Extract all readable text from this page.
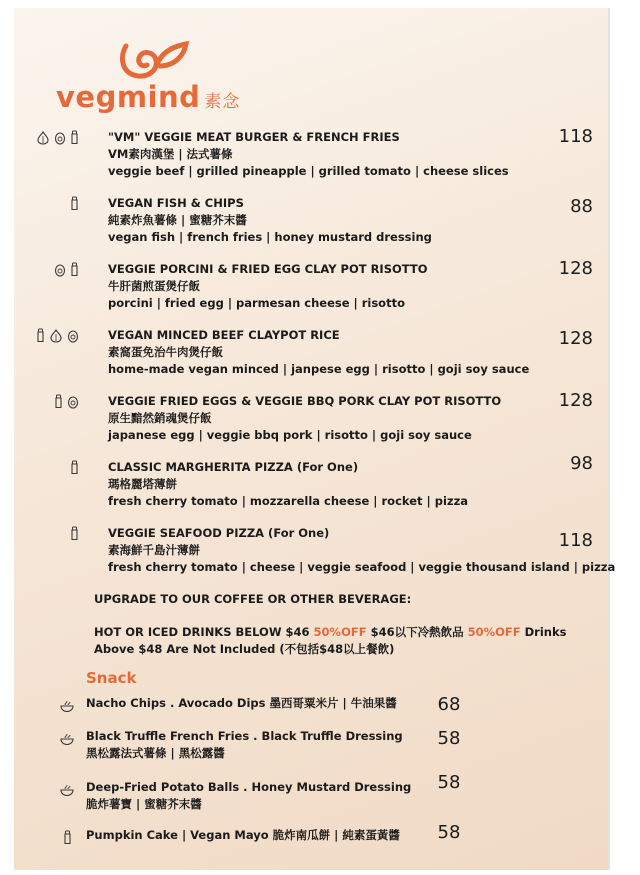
vegmind 素念
"VM" VEGGIE MEAT BURGER & FRENCH FRIES
VM素肉漢堡 | 法式薯條
veggie beef | grilled pineapple | grilled tomato | cheese slices
118
VEGAN FISH & CHIPS
純素炸魚薯條 | 蜜糖芥末醬
vegan fish | french fries | honey mustard dressing
88
VEGGIE PORCINI & FRIED EGG CLAY POT RISOTTO
牛肝菌煎蛋煲仔飯
porcini | fried egg | parmesan cheese | risotto
128
VEGAN MINCED BEEF CLAYPOT RICE
素窩蛋免治牛肉煲仔飯
home-made vegan minced | janpese egg | risotto | goji soy sauce
128
VEGGIE FRIED EGGS & VEGGIE BBQ PORK CLAY POT RISOTTO
原生黯然銷魂煲仔飯
japanese egg | veggie bbq pork | risotto | goji soy sauce
128
CLASSIC MARGHERITA PIZZA (For One)
瑪格麗塔薄餅
fresh cherry tomato | mozzarella cheese | rocket | pizza
98
VEGGIE SEAFOOD PIZZA (For One)
素海鮮千島汁薄餅
fresh cherry tomato | cheese | veggie seafood | veggie thousand island | pizza
118
UPGRADE TO OUR COFFEE OR OTHER BEVERAGE:
HOT OR ICED DRINKS BELOW $46 50%OFF $46以下冷熱飲品 50%OFF Drinks
Above $48 Are Not Included (不包括$48以上餐飲)
Snack
Nacho Chips . Avocado Dips 墨西哥粟米片 | 牛油果醬	68
Black Truffle French Fries . Black Truffle Dressing
黑松露法式薯條 | 黑松露醬
58
Deep-Fried Potato Balls . Honey Mustard Dressing
脆炸薯寶 | 蜜糖芥末醬
58
Pumpkin Cake | Vegan Mayo 脆炸南瓜餅 | 純素蛋黃醬	58
